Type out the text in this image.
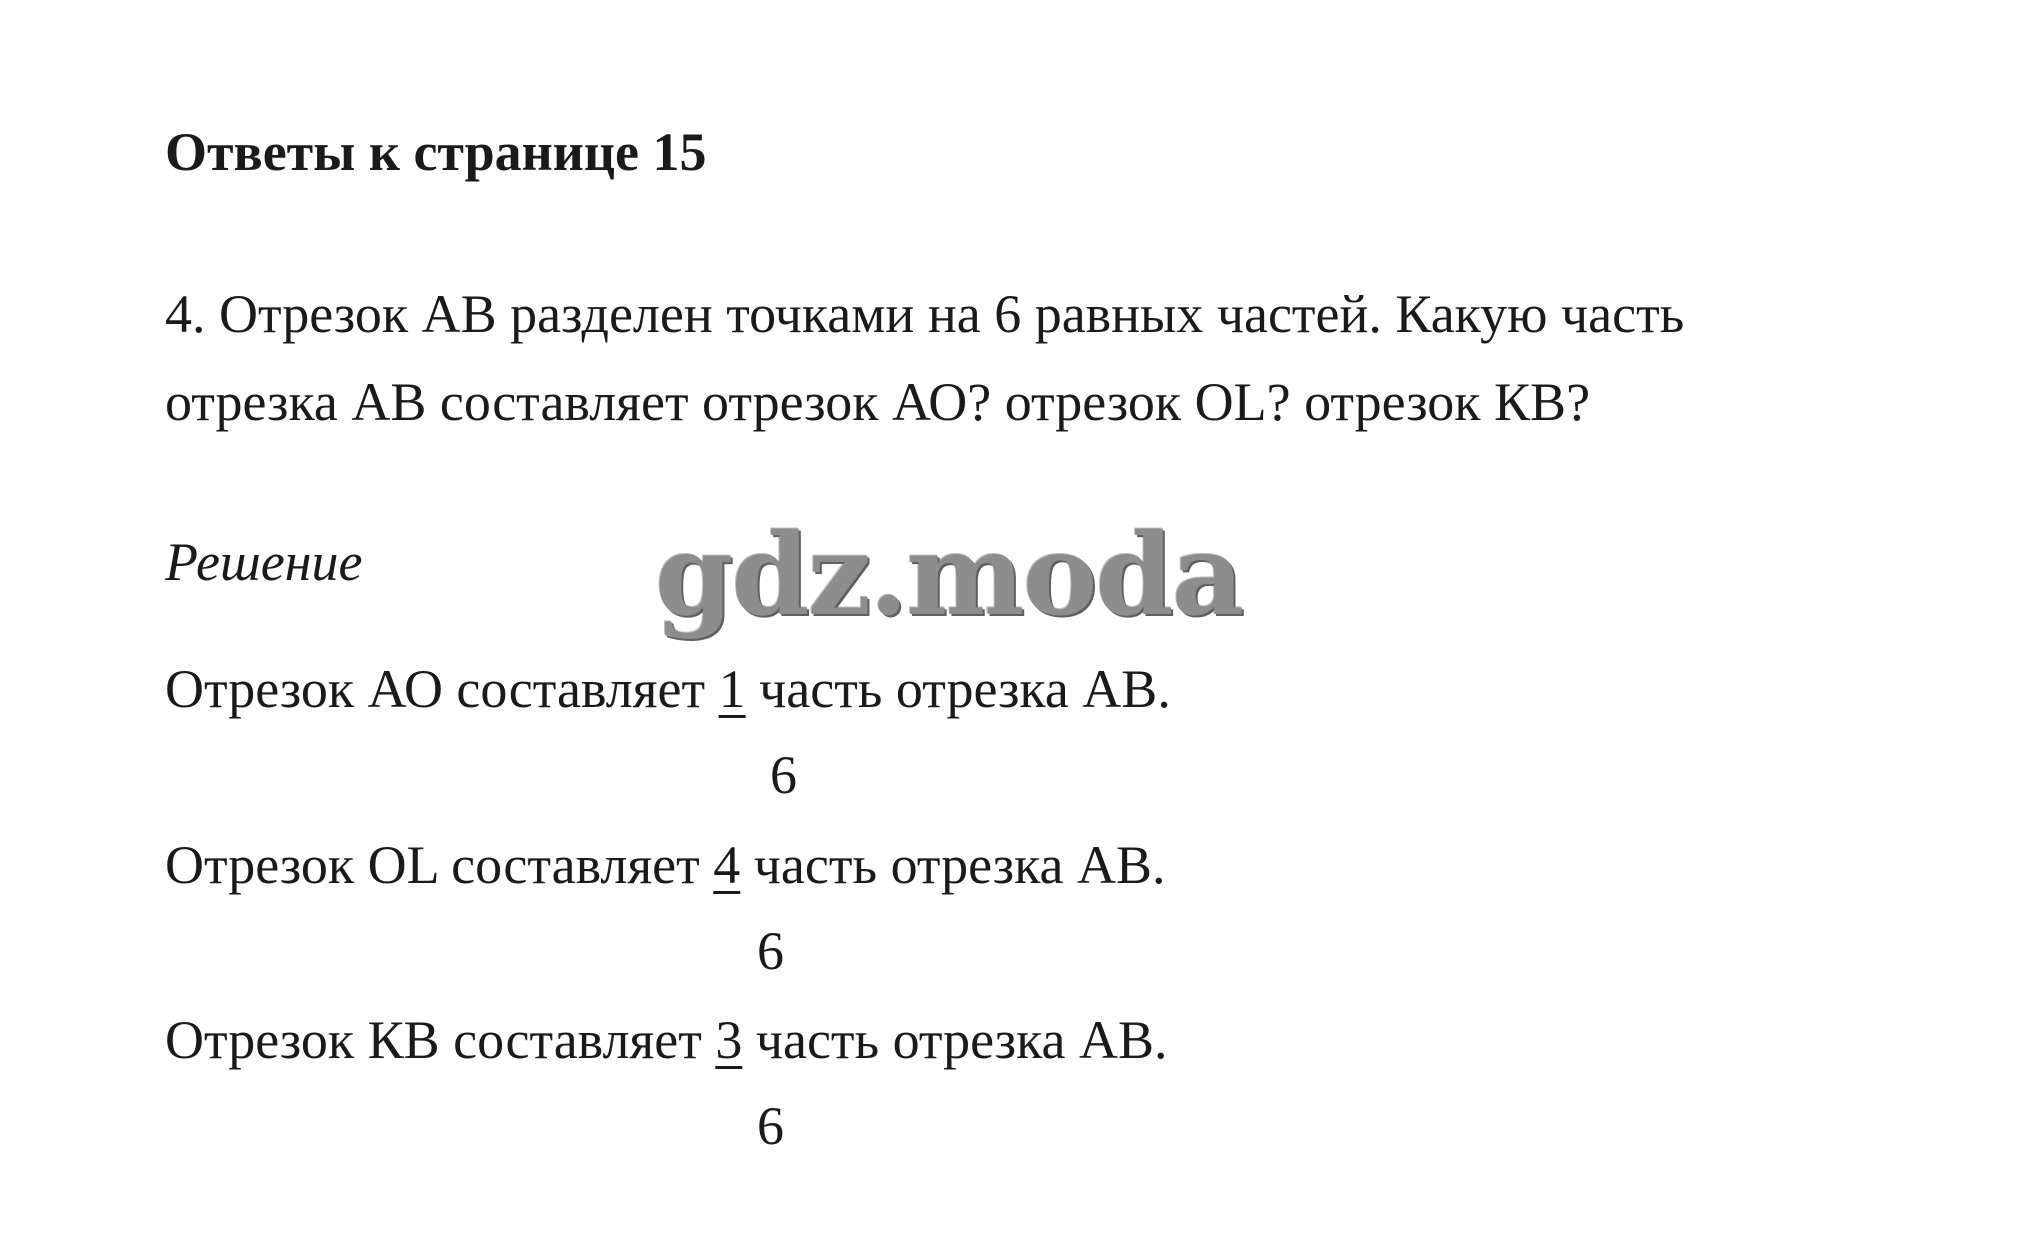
Ответы к странице 15
4. Отрезок АВ разделен точками на 6 равных частей. Какую часть
отрезка АВ составляет отрезок АО? отрезок OL? отрезок КВ?
Решение	gdz.moda
Отрезок АО составляет 1 часть отрезка АВ.
6
Отрезок OL составляет 4 часть отрезка АВ.
6
Отрезок КВ составляет 3 часть отрезка АВ.
6
